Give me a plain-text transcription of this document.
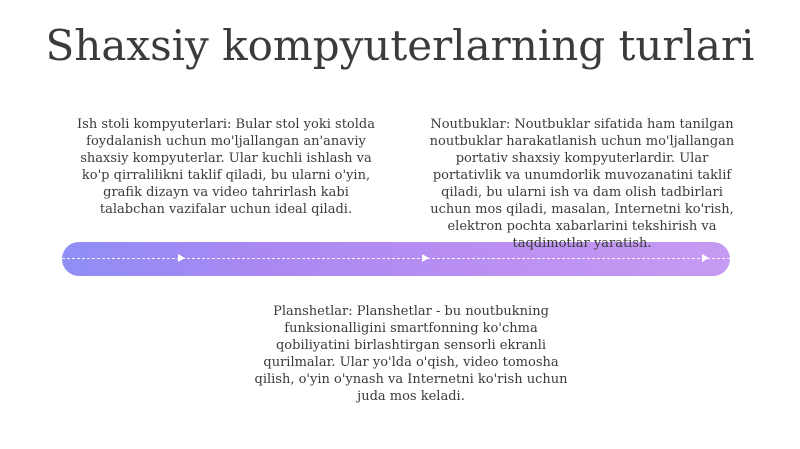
Shaxsiy kompyuterlarning turlari
Ish stoli kompyuterlari: Bular stol yoki stolda foydalanish uchun mo'ljallangan an'anaviy shaxsiy kompyuterlar. Ular kuchli ishlash va ko'p qirralilikni taklif qiladi, bu ularni o'yin, grafik dizayn va video tahrirlash kabi talabchan vazifalar uchun ideal qiladi.
Noutbuklar: Noutbuklar sifatida ham tanilgan noutbuklar harakatlanish uchun mo'ljallangan portativ shaxsiy kompyuterlardir. Ular portativlik va unumdorlik muvozanatini taklif qiladi, bu ularni ish va dam olish tadbirlari uchun mos qiladi, masalan, Internetni ko'rish, elektron pochta xabarlarini tekshirish va taqdimotlar yaratish.
Planshetlar: Planshetlar - bu noutbukning funksionalligini smartfonning ko'chma qobiliyatini birlashtirgan sensorli ekranli qurilmalar. Ular yo'lda o'qish, video tomosha qilish, o'yin o'ynash va Internetni ko'rish uchun juda mos keladi.
